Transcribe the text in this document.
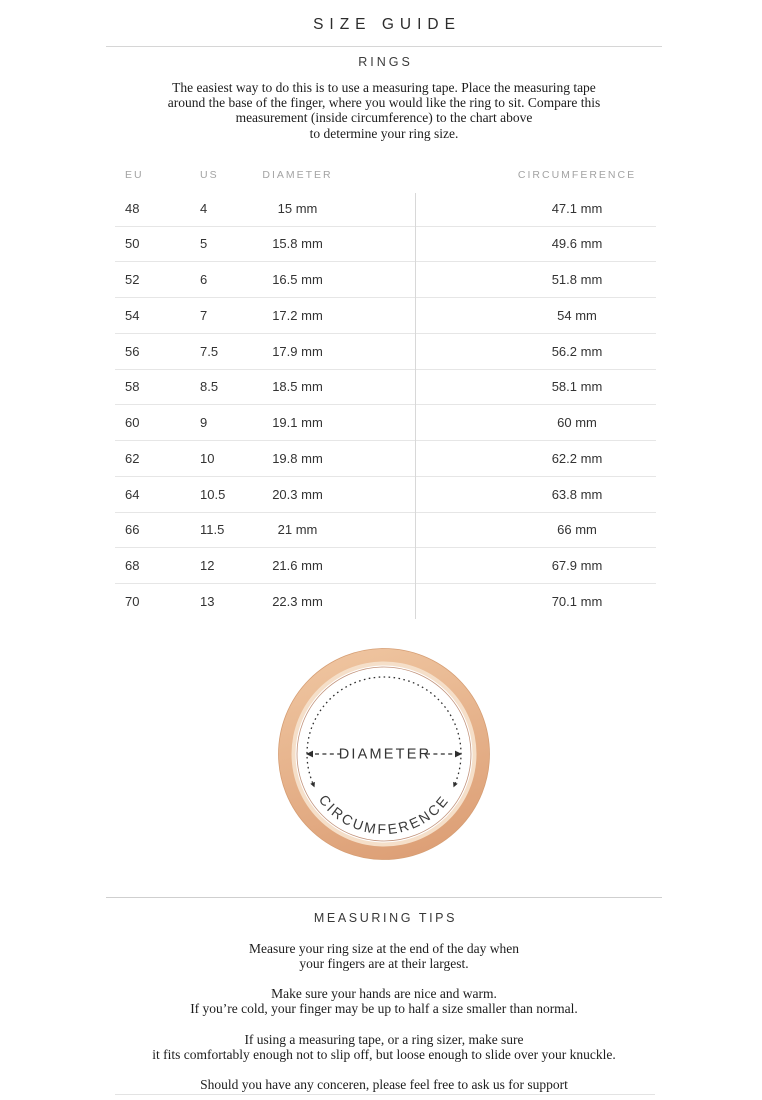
SIZE GUIDE
RINGS
The easiest way to do this is to use a measuring tape. Place the measuring tape
around the base of the finger, where you would like the ring to sit. Compare this
measurement (inside circumference) to the chart above
to determine your ring size.
EU	US	DIAMETER	CIRCUMFERENCE
48	4	15 mm	47.1 mm
50	5	15.8 mm	49.6 mm
52	6	16.5 mm	51.8 mm
54	7	17.2 mm	54 mm
56	7.5	17.9 mm	56.2 mm
58	8.5	18.5 mm	58.1 mm
60	9	19.1 mm	60 mm
62	10	19.8 mm	62.2 mm
64	10.5	20.3 mm	63.8 mm
66	11.5	21 mm	66 mm
68	12	21.6 mm	67.9 mm
70	13	22.3 mm	70.1 mm
DIAMETER
CIRCUMFERENCE
MEASURING TIPS

Measure your ring size at the end of the day when
your fingers are at their largest.

Make sure your hands are nice and warm.
If you’re cold, your finger may be up to half a size smaller than normal.

If using a measuring tape, or a ring sizer, make sure
it fits comfortably enough not to slip off, but loose enough to slide over your knuckle.

Should you have any conceren, please feel free to ask us for support
